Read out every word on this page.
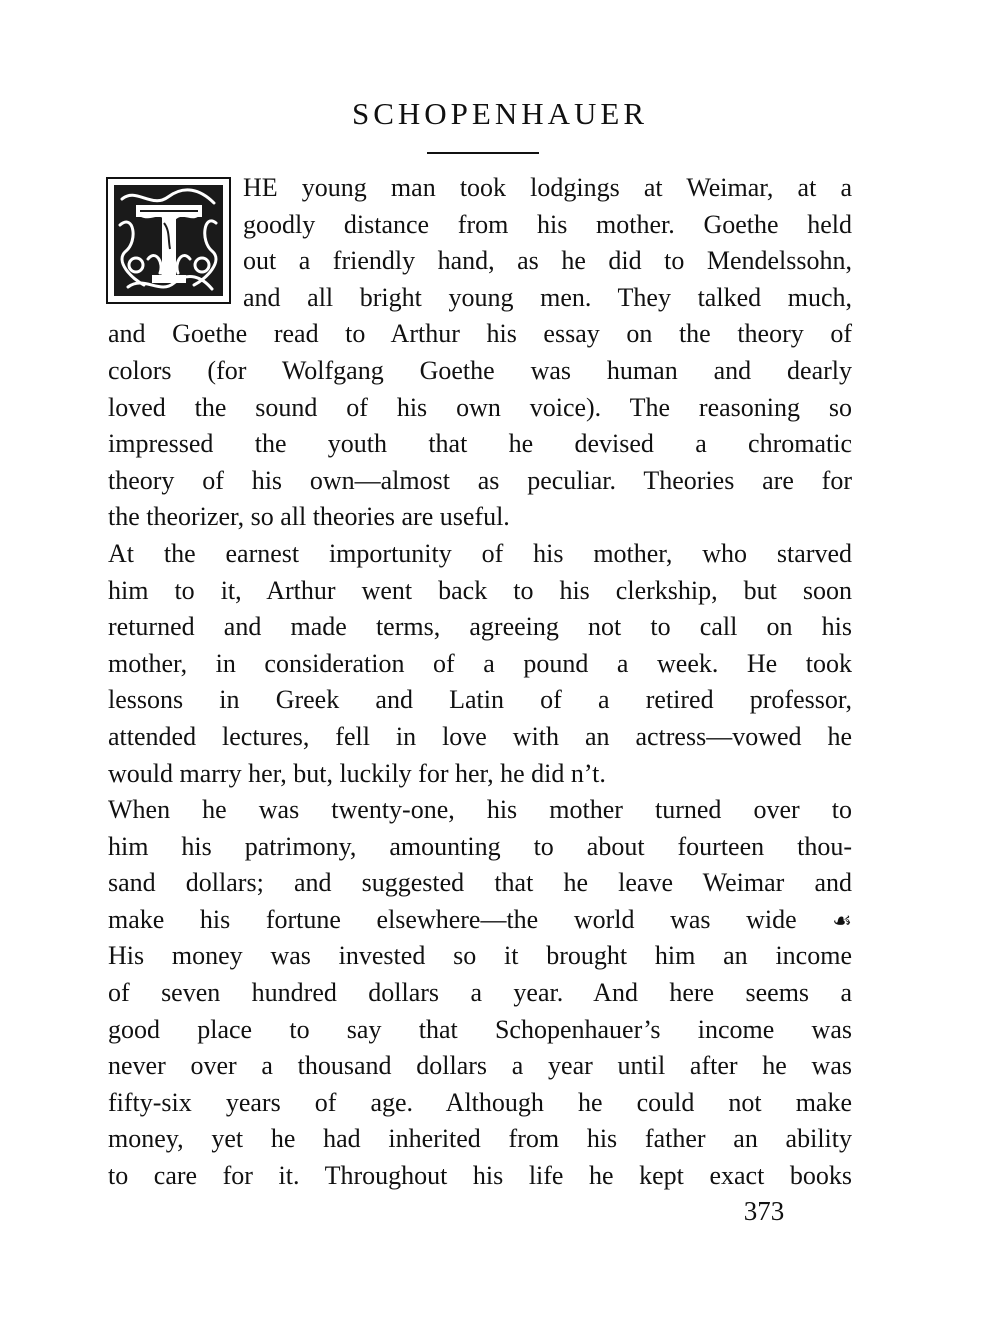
SCHOPENHAUER
HE young man took lodgings at Weimar, at a
goodly distance from his mother. Goethe held
out a friendly hand, as he did to Mendelssohn,
and all bright young men. They talked much,
and Goethe read to Arthur his essay on the theory of
colors (for Wolfgang Goethe was human and dearly
loved the sound of his own voice). The reasoning so
impressed the youth that he devised a chromatic
theory of his own—almost as peculiar. Theories are for
the theorizer, so all theories are useful.
At the earnest importunity of his mother, who starved
him to it, Arthur went back to his clerkship, but soon
returned and made terms, agreeing not to call on his
mother, in consideration of a pound a week. He took
lessons in Greek and Latin of a retired professor,
attended lectures, fell in love with an actress—vowed he
would marry her, but, luckily for her, he did n’t.
When he was twenty-one, his mother turned over to
him his patrimony, amounting to about fourteen thou-
sand dollars; and suggested that he leave Weimar and
make his fortune elsewhere—the world was wide ☙
His money was invested so it brought him an income
of seven hundred dollars a year. And here seems a
good place to say that Schopenhauer’s income was
never over a thousand dollars a year until after he was
fifty-six years of age. Although he could not make
money, yet he had inherited from his father an ability
to care for it. Throughout his life he kept exact books
373
